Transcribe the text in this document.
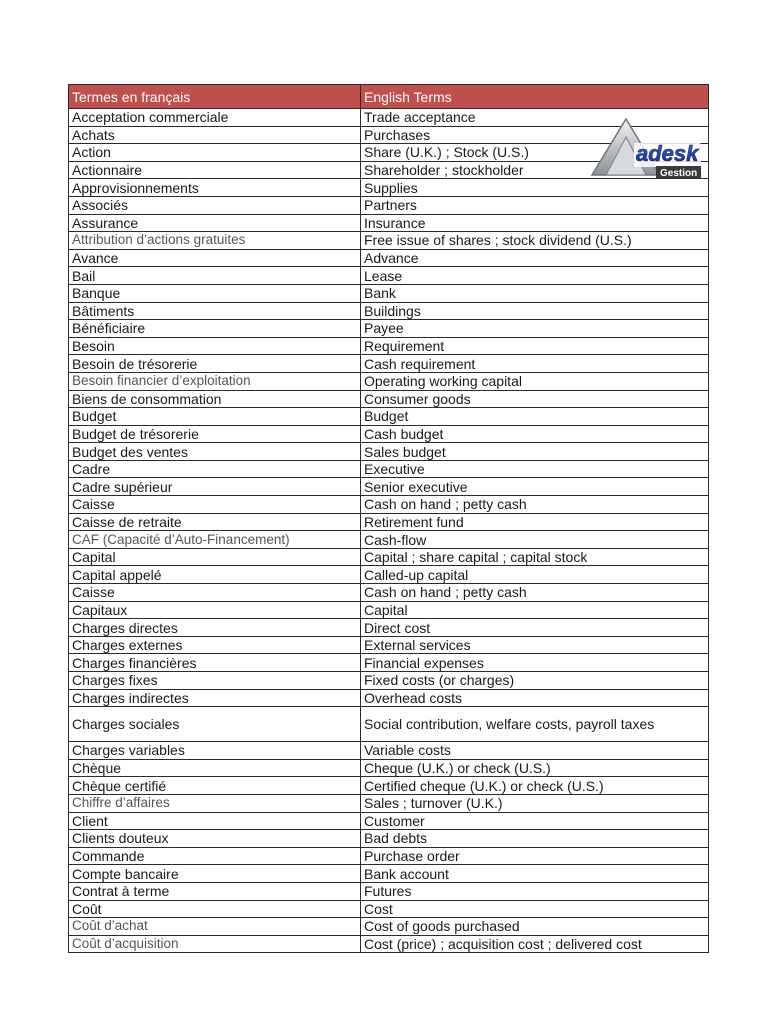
Termes en français	English Terms
Acceptation commerciale	Trade acceptance
Achats	Purchases
Action	Share (U.K.) ; Stock (U.S.)
Actionnaire	Shareholder ; stockholder
Approvisionnements	Supplies
Associés	Partners
Assurance	Insurance
Attribution d’actions gratuites	Free issue of shares ; stock dividend (U.S.)
Avance	Advance
Bail	Lease
Banque	Bank
Bâtiments	Buildings
Bénéficiaire	Payee
Besoin	Requirement
Besoin de trésorerie	Cash requirement
Besoin financier d’exploitation	Operating working capital
Biens de consommation	Consumer goods
Budget	Budget
Budget de trésorerie	Cash budget
Budget des ventes	Sales budget
Cadre	Executive
Cadre supérieur	Senior executive
Caisse	Cash on hand ; petty cash
Caisse de retraite	Retirement fund
CAF (Capacité d’Auto-Financement)	Cash-flow
Capital	Capital ; share capital ; capital stock
Capital appelé	Called-up capital
Caisse	Cash on hand ; petty cash
Capitaux	Capital
Charges directes	Direct cost
Charges externes	External services
Charges financières	Financial expenses
Charges fixes	Fixed costs (or charges)
Charges indirectes	Overhead costs
Charges sociales	Social contribution, welfare costs, payroll taxes
Charges variables	Variable costs
Chèque	Cheque (U.K.) or check (U.S.)
Chèque certifié	Certified cheque (U.K.) or check (U.S.)
Chiffre d’affaires	Sales ; turnover (U.K.)
Client	Customer
Clients douteux	Bad debts
Commande	Purchase order
Compte bancaire	Bank account
Contrat à terme	Futures
Coût	Cost
Coût d’achat	Cost of goods purchased
Coût d’acquisition	Cost (price) ; acquisition cost ; delivered cost
adesk
Gestion
